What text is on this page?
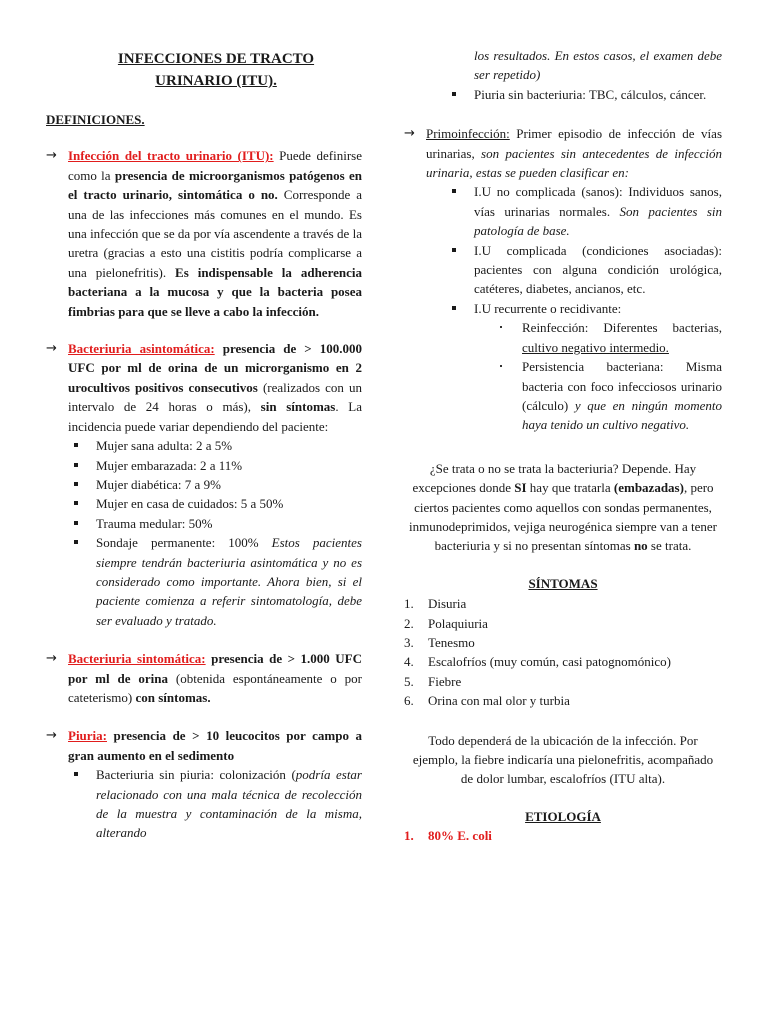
INFECCIONES DE TRACTO
URINARIO (ITU).

DEFINICIONES.

→ Infección del tracto urinario (ITU): Puede definirse como la presencia de microorganismos patógenos en el tracto urinario, sintomática o no. Corresponde a una de las infecciones más comunes en el mundo. Es una infección que se da por vía ascendente a través de la uretra (gracias a esto una cistitis podría complicarse a una pielonefritis). Es indispensable la adherencia bacteriana a la mucosa y que la bacteria posea fimbrias para que se lleve a cabo la infección.

→ Bacteriuria asintomática: presencia de > 100.000 UFC por ml de orina de un microrganismo en 2 urocultivos positivos consecutivos (realizados con un intervalo de 24 horas o más), sin síntomas. La incidencia puede variar dependiendo del paciente:

Mujer sana adulta: 2 a 5%
Mujer embarazada: 2 a 11%
Mujer diabética: 7 a 9%
Mujer en casa de cuidados: 5 a 50%
Trauma medular: 50%
Sondaje permanente: 100% Estos pacientes siempre tendrán bacteriuria asintomática y no es considerado como importante. Ahora bien, si el paciente comienza a referir sintomatología, debe ser evaluado y tratado.
→ Bacteriuria sintomática: presencia de > 1.000 UFC por ml de orina (obtenida espontáneamente o por cateterismo) con síntomas.

→ Piuria: presencia de > 10 leucocitos por campo a gran aumento en el sedimento

Bacteriuria sin piuria: colonización (podría estar relacionado con una mala técnica de recolección de la muestra y contaminación de la misma, alterando

los resultados. En estos casos, el examen debe ser repetido)

Piuria sin bacteriuria: TBC, cálculos, cáncer.
→ Primoinfección: Primer episodio de infección de vías urinarias, son pacientes sin antecedentes de infección urinaria, estas se pueden clasificar en:

I.U no complicada (sanos): Individuos sanos, vías urinarias normales. Son pacientes sin patología de base.
I.U complicada (condiciones asociadas): pacientes con alguna condición urológica, catéteres, diabetes, ancianos, etc.
I.U recurrente o recidivante:
Reinfección: Diferentes bacterias, cultivo negativo intermedio.
Persistencia bacteriana: Misma bacteria con foco infecciosos urinario (cálculo) y que en ningún momento haya tenido un cultivo negativo.

¿Se trata o no se trata la bacteriuria? Depende. Hay excepciones donde SI hay que tratarla (embazadas), pero ciertos pacientes como aquellos con sondas permanentes, inmunodeprimidos, vejiga neurogénica siempre van a tener bacteriuria y si no presentan síntomas no se trata.

SÍNTOMAS

1.	Disuria
2.	Polaquiuria
3.	Tenesmo
4.	Escalofríos (muy común, casi patognomónico)
5.	Fiebre
6.	Orina con mal olor y turbia

Todo dependerá de la ubicación de la infección. Por ejemplo, la fiebre indicaría una pielonefritis, acompañado de dolor lumbar, escalofríos (ITU alta).

ETIOLOGÍA

1.	80% E. coli
